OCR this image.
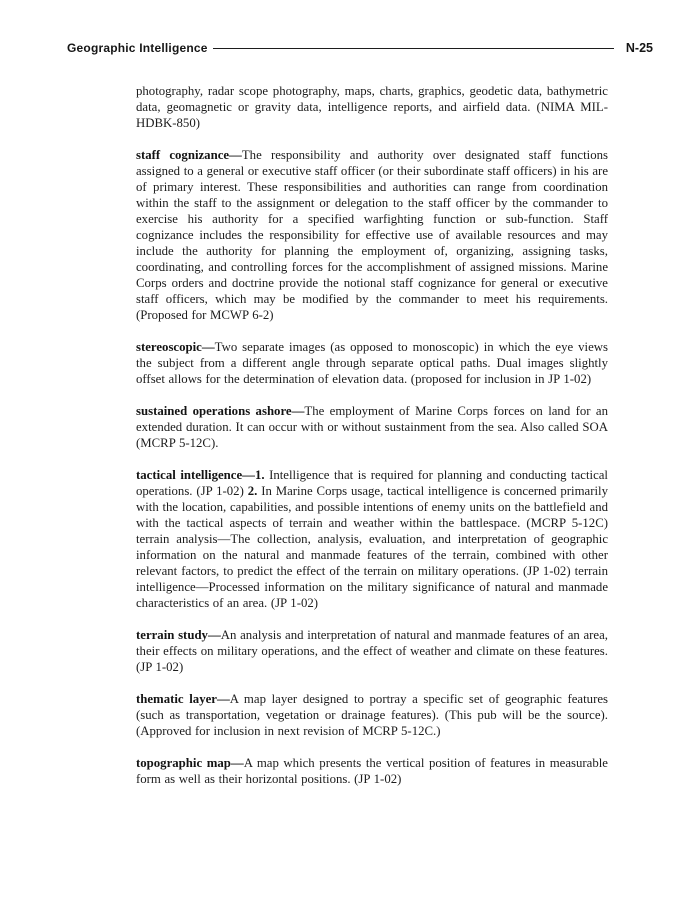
Geographic Intelligence	N-25

photography, radar scope photography, maps, charts, graphics, geodetic data, bathymetric data, geomagnetic or gravity data, intelligence reports, and airfield data. (NIMA MIL-HDBK-850)

staff cognizance—The responsibility and authority over designated staff functions assigned to a general or executive staff officer (or their subordinate staff officers) in his are of primary interest. These responsibilities and authorities can range from coordination within the staff to the assignment or delegation to the staff officer by the commander to exercise his authority for a specified warfighting function or sub-function. Staff cognizance includes the responsibility for effective use of available resources and may include the authority for planning the employment of, organizing, assigning tasks, coordinating, and controlling forces for the accomplishment of assigned missions. Marine Corps orders and doctrine provide the notional staff cognizance for general or executive staff officers, which may be modified by the commander to meet his requirements. (Proposed for MCWP 6-2)

stereoscopic—Two separate images (as opposed to monoscopic) in which the eye views the subject from a different angle through separate optical paths. Dual images slightly offset allows for the determination of elevation data. (proposed for inclusion in JP 1-02)

sustained operations ashore—The employment of Marine Corps forces on land for an extended duration. It can occur with or without sustainment from the sea. Also called SOA (MCRP 5-12C).

tactical intelligence—1. Intelligence that is required for planning and conducting tactical operations. (JP 1-02) 2. In Marine Corps usage, tactical intelligence is concerned primarily with the location, capabilities, and possible intentions of enemy units on the battlefield and with the tactical aspects of terrain and weather within the battlespace. (MCRP 5-12C) terrain analysis—The collection, analysis, evaluation, and interpretation of geographic information on the natural and manmade features of the terrain, combined with other relevant factors, to predict the effect of the terrain on military operations. (JP 1-02) terrain intelligence—Processed information on the military significance of natural and manmade characteristics of an area. (JP 1-02)

terrain study—An analysis and interpretation of natural and manmade features of an area, their effects on military operations, and the effect of weather and climate on these features. (JP 1-02)

thematic layer—A map layer designed to portray a specific set of geographic features (such as transportation, vegetation or drainage features). (This pub will be the source). (Approved for inclusion in next revision of MCRP 5-12C.)

topographic map—A map which presents the vertical position of features in measurable form as well as their horizontal positions. (JP 1-02)
